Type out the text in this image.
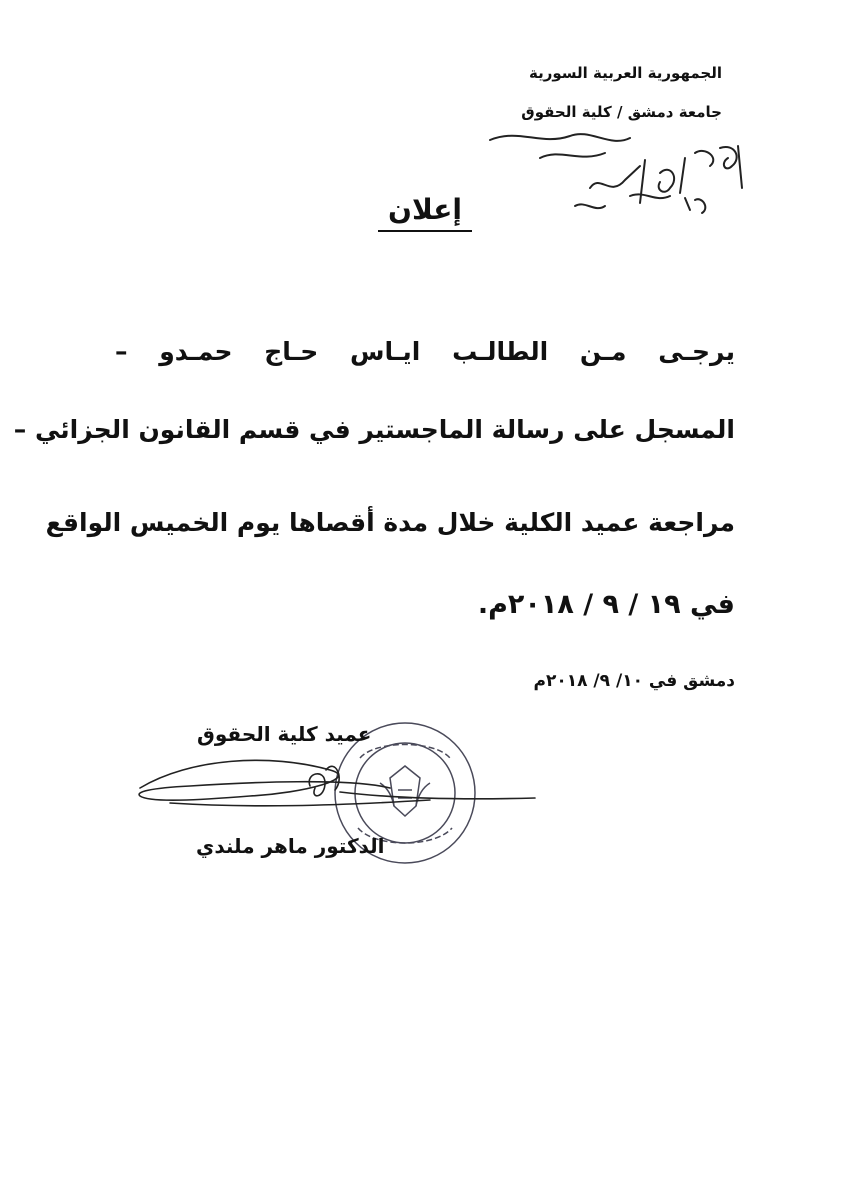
الجمهورية العربية السورية
جامعة دمشق / كلية الحقوق
إعلان
يرجـى مـن الطالـب ايـاس حـاج حمـدو –
المسجل على رسالة الماجستير في قسم القانون الجزائي –
مراجعة عميد الكلية خلال مدة أقصاها يوم الخميس الواقع
في ١٩ / ٩ / ٢٠١٨م.
دمشق في ١٠/ ٩/ ٢٠١٨م
عميد كلية الحقوق
الدكتور ماهر ملندي
